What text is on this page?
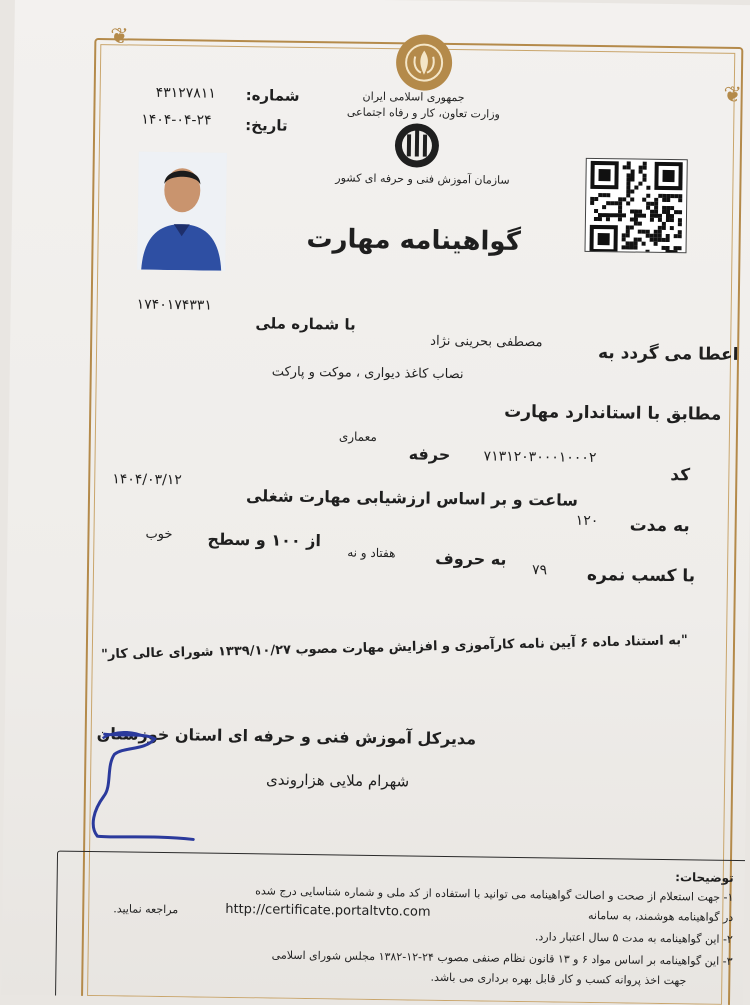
❦
❦
جمهوری اسلامی ایران
وزارت تعاون، کار و رفاه اجتماعی
سازمان آموزش فنی و حرفه ای کشور
شماره:
۴۳۱۲۷۸۱۱
تاریخ:
۱۴۰۴-۰۴-۲۴
گواهینامه مهارت
اعطا می گردد به
مصطفی بحرینی نژاد
با شماره ملی
۱۷۴۰۱۷۴۳۳۱
نصاب کاغذ دیواری ، موکت و پارکت
مطابق با استاندارد مهارت
معماری
حرفه ۷۱۳۱۲۰۳۰۰۰۱۰۰۰۲
کد
۱۴۰۴/۰۳/۱۲
ساعت و بر اساس ارزشیابی مهارت شغلی
۱۲۰ به مدت
خوب از ۱۰۰ و سطح
هفتاد و نه به حروف
۷۹ با کسب نمره
"به استناد ماده ۶ آیین نامه کارآموزی و افزایش مهارت مصوب ۱۳۳۹/۱۰/۲۷ شورای عالی کار"
مدیرکل آموزش فنی و حرفه ای استان خوزستان
شهرام ملایی هزاروندی
توضیحات:
۱- جهت استعلام از صحت و اصالت گواهینامه می توانید با استفاده از کد ملی و شماره شناسایی درج شده
در گواهینامه هوشمند، به سامانه
http://certificate.portaltvto.com
مراجعه نمایید.
۲- این گواهینامه به مدت ۵ سال اعتبار دارد.
۳- این گواهینامه بر اساس مواد ۶ و ۱۳ قانون نظام صنفی مصوب ۲۴-۱۲-۱۳۸۲ مجلس شورای اسلامی
جهت اخذ پروانه کسب و کار قابل بهره برداری می باشد.
